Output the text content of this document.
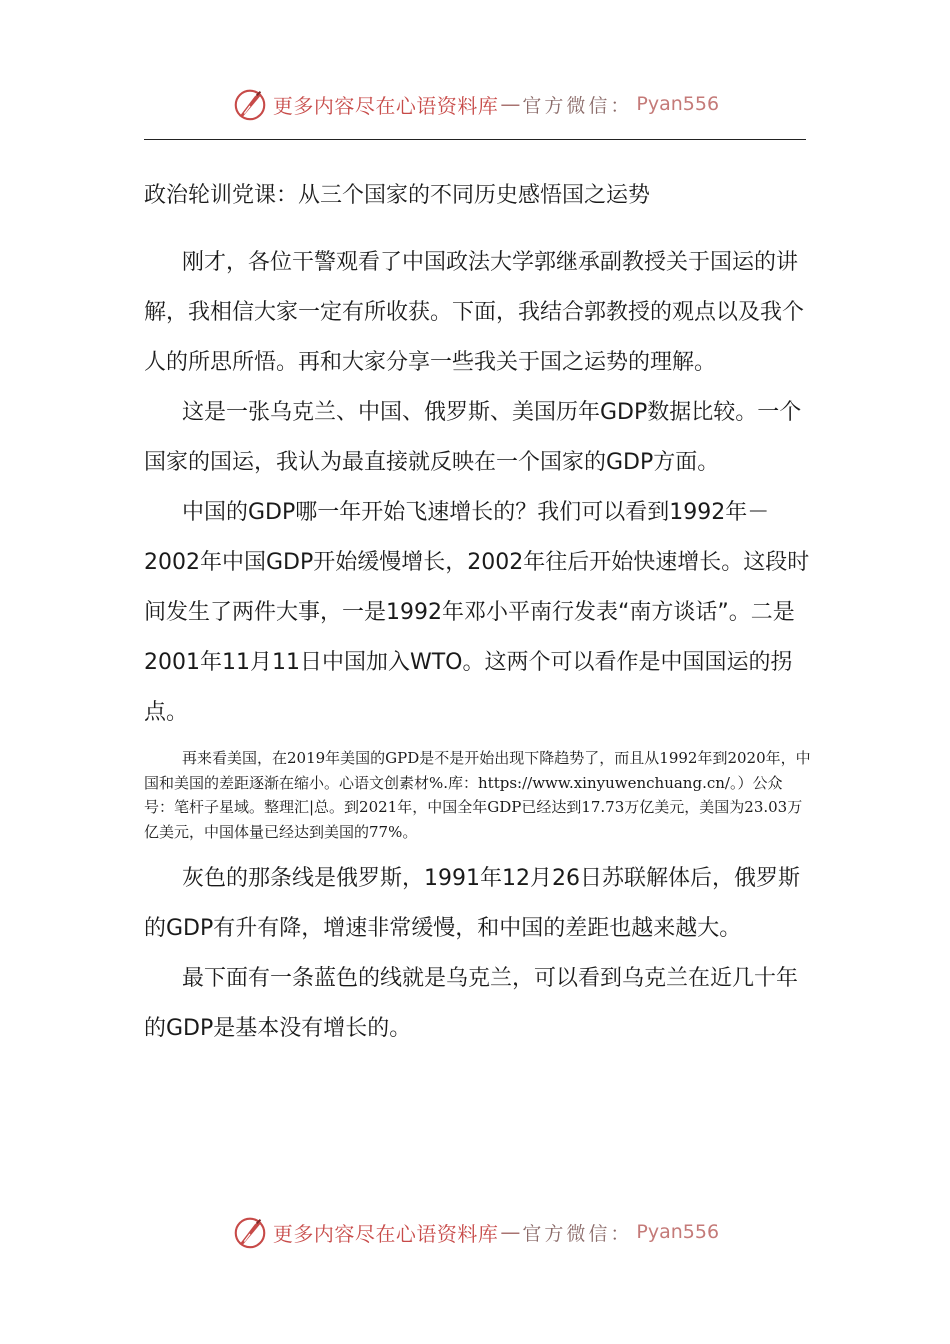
更多内容尽在心语资料库 — 官方微信： Pyan556

政治轮训党课：从三个国家的不同历史感悟国之运势

刚才，各位干警观看了中国政法大学郭继承副教授关于国运的讲解，我相信大家一定有所收获。下面，我结合郭教授的观点以及我个人的所思所悟。再和大家分享一些我关于国之运势的理解。

这是一张乌克兰、中国、俄罗斯、美国历年GDP数据比较。一个国家的国运，我认为最直接就反映在一个国家的GDP方面。

中国的GDP哪一年开始飞速增长的？我们可以看到1992年－2002年中国GDP开始缓慢增长，2002年往后开始快速增长。这段时间发生了两件大事，一是1992年邓小平南行发表“南方谈话”。二是2001年11月11日中国加入WTO。这两个可以看作是中国国运的拐点。

再来看美国，在2019年美国的GPD是不是开始出现下降趋势了，而且从1992年到2020年，中国和美国的差距逐渐在缩小。心语文创素材%.库：https://www.xinyuwenchuang.cn/。）公众号：笔杆子星域。整理汇|总。到2021年，中国全年GDP已经达到17.73万亿美元，美国为23.03万亿美元，中国体量已经达到美国的77%。

灰色的那条线是俄罗斯，1991年12月26日苏联解体后，俄罗斯的GDP有升有降，增速非常缓慢，和中国的差距也越来越大。

最下面有一条蓝色的线就是乌克兰，可以看到乌克兰在近几十年的GDP是基本没有增长的。

更多内容尽在心语资料库 — 官方微信： Pyan556
